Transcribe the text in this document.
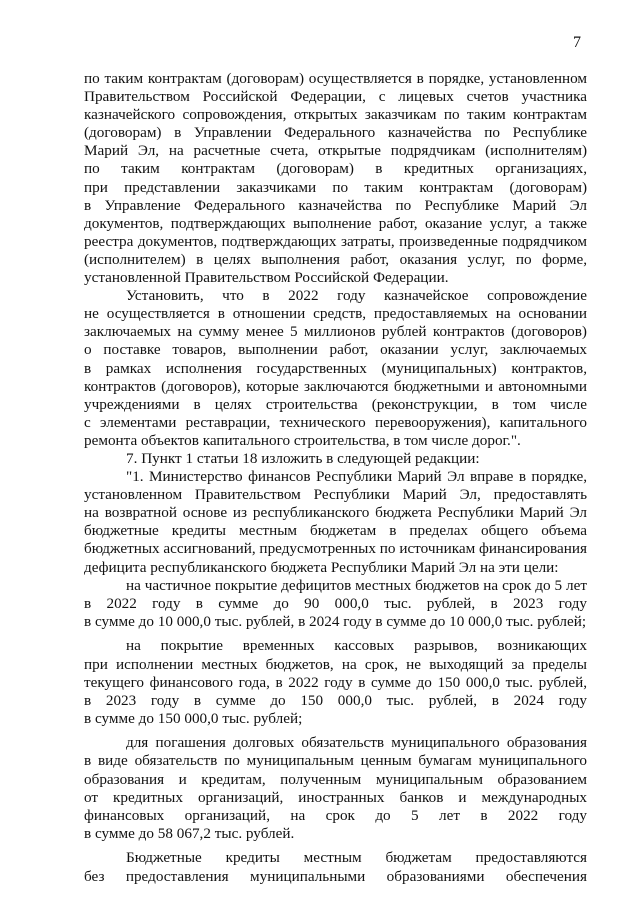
7

по таким контрактам (договорам) осуществляется в порядке, установленном

Правительством Российской Федерации, с лицевых счетов участника

казначейского сопровождения, открытых заказчикам по таким контрактам

(договорам) в Управлении Федерального казначейства по Республике

Марий Эл, на расчетные счета, открытые подрядчикам (исполнителям)

по таким контрактам (договорам) в кредитных организациях,

при представлении заказчиками по таким контрактам (договорам)

в Управление Федерального казначейства по Республике Марий Эл

документов, подтверждающих выполнение работ, оказание услуг, а также

реестра документов, подтверждающих затраты, произведенные подрядчиком

(исполнителем) в целях выполнения работ, оказания услуг, по форме,

установленной Правительством Российской Федерации.

Установить, что в 2022 году казначейское сопровождение

не осуществляется в отношении средств, предоставляемых на основании

заключаемых на сумму менее 5 миллионов рублей контрактов (договоров)

о поставке товаров, выполнении работ, оказании услуг, заключаемых

в рамках исполнения государственных (муниципальных) контрактов,

контрактов (договоров), которые заключаются бюджетными и автономными

учреждениями в целях строительства (реконструкции, в том числе

с элементами реставрации, технического перевооружения), капитального

ремонта объектов капитального строительства, в том числе дорог.".

7. Пункт 1 статьи 18 изложить в следующей редакции:

"1. Министерство финансов Республики Марий Эл вправе в порядке,

установленном Правительством Республики Марий Эл, предоставлять

на возвратной основе из республиканского бюджета Республики Марий Эл

бюджетные кредиты местным бюджетам в пределах общего объема

бюджетных ассигнований, предусмотренных по источникам финансирования

дефицита республиканского бюджета Республики Марий Эл на эти цели:

на частичное покрытие дефицитов местных бюджетов на срок до 5 лет

в 2022 году в сумме до 90 000,0 тыс. рублей, в 2023 году

в сумме до 10 000,0 тыс. рублей, в 2024 году в сумме до 10 000,0 тыс. рублей;

на покрытие временных кассовых разрывов, возникающих

при исполнении местных бюджетов, на срок, не выходящий за пределы

текущего финансового года, в 2022 году в сумме до 150 000,0 тыс. рублей,

в 2023 году в сумме до 150 000,0 тыс. рублей, в 2024 году

в сумме до 150 000,0 тыс. рублей;

для погашения долговых обязательств муниципального образования

в виде обязательств по муниципальным ценным бумагам муниципального

образования и кредитам, полученным муниципальным образованием

от кредитных организаций, иностранных банков и международных

финансовых организаций, на срок до 5 лет в 2022 году

в сумме до 58 067,2 тыс. рублей.

Бюджетные кредиты местным бюджетам предоставляются

без предоставления муниципальными образованиями обеспечения
